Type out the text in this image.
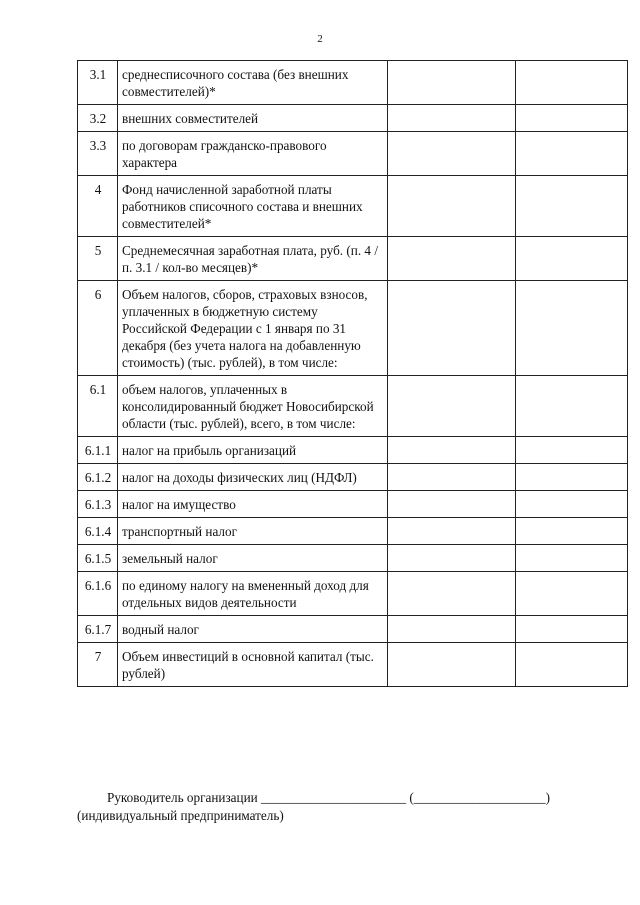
2
3.1	среднесписочного состава (без внешних совместителей)*		
3.2	внешних совместителей		
3.3	по договорам гражданско-правового характера		
4	Фонд начисленной заработной платы работников списочного состава и внешних совместителей*		
5	Среднемесячная заработная плата, руб. (п. 4 / п. 3.1 / кол-во месяцев)*		
6	Объем налогов, сборов, страховых взносов, уплаченных в бюджетную систему Российской Федерации с 1 января по 31 декабря (без учета налога на добавленную стоимость) (тыс. рублей), в том числе:		
6.1	объем налогов, уплаченных в консолидированный бюджет Новосибирской области (тыс. рублей), всего, в том числе:		
6.1.1	налог на прибыль организаций		
6.1.2	налог на доходы физических лиц (НДФЛ)		
6.1.3	налог на имущество		
6.1.4	транспортный налог		
6.1.5	земельный налог		
6.1.6	по единому налогу на вмененный доход для отдельных видов деятельности		
6.1.7	водный налог		
7	Объем инвестиций в основной капитал (тыс. рублей)		
Руководитель организации ______________________ (____________________)
(индивидуальный предприниматель)
